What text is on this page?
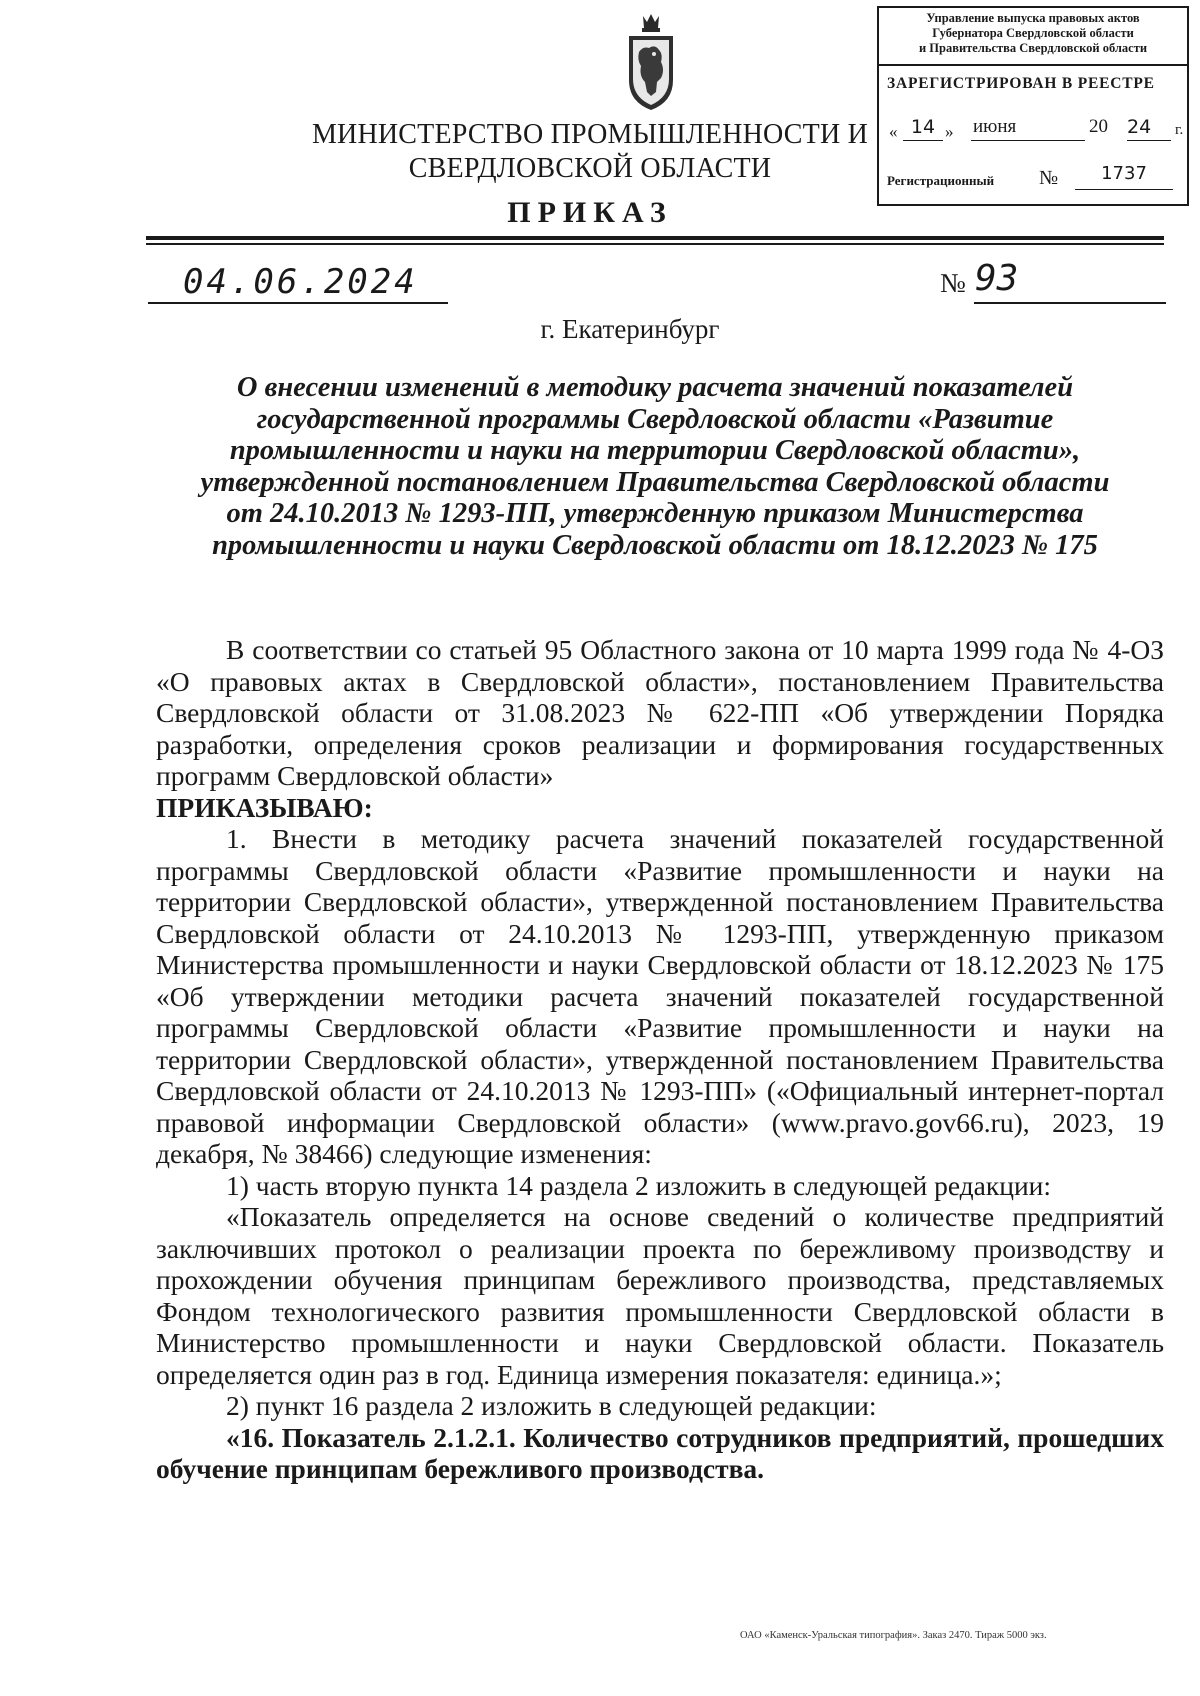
МИНИСТЕРСТВО ПРОМЫШЛЕННОСТИ И
СВЕРДЛОВСКОЙ ОБЛАСТИ
ПРИКАЗ
Управление выпуска правовых актов
Губернатора Свердловской области
и Правительства Свердловской области
ЗАРЕГИСТРИРОВАН В РЕЕСТРЕ
« 14 » июня	20 24	г.
Регистрационный №	1737
04.06.2024	№ 93
г. Екатеринбург
О внесении изменений в методику расчета значений показателей
государственной программы Свердловской области «Развитие
промышленности и науки на территории Свердловской области»,
утвержденной постановлением Правительства Свердловской области
от 24.10.2013 № 1293-ПП, утвержденную приказом Министерства
промышленности и науки Свердловской области от 18.12.2023 № 175

В соответствии со статьей 95 Областного закона от 10 марта 1999 года № 4-ОЗ «О правовых актах в Свердловской области», постановлением Правительства Свердловской области от 31.08.2023 № 622-ПП «Об утверждении Порядка разработки, определения сроков реализации и формирования государственных программ Свердловской области»

ПРИКАЗЫВАЮ:

1. Внести в методику расчета значений показателей государственной программы Свердловской области «Развитие промышленности и науки на территории Свердловской области», утвержденной постановлением Правительства Свердловской области от 24.10.2013 № 1293-ПП, утвержденную приказом Министерства промышленности и науки Свердловской области от 18.12.2023 № 175 «Об утверждении методики расчета значений показателей государственной программы Свердловской области «Развитие промышленности и науки на территории Свердловской области», утвержденной постановлением Правительства Свердловской области от 24.10.2013 № 1293-ПП» («Официальный интернет-портал правовой информации Свердловской области» (www.pravo.gov66.ru), 2023, 19 декабря, № 38466) следующие изменения:

1) часть вторую пункта 14 раздела 2 изложить в следующей редакции:

«Показатель определяется на основе сведений о количестве предприятий заключивших протокол о реализации проекта по бережливому производству и прохождении обучения принципам бережливого производства, представляемых Фондом технологического развития промышленности Свердловской области в Министерство промышленности и науки Свердловской области. Показатель определяется один раз в год. Единица измерения показателя: единица.»;

2) пункт 16 раздела 2 изложить в следующей редакции:

«16. Показатель 2.1.2.1. Количество сотрудников предприятий, прошедших обучение принципам бережливого производства.

ОАО «Каменск-Уральская типография». Заказ 2470. Тираж 5000 экз.
